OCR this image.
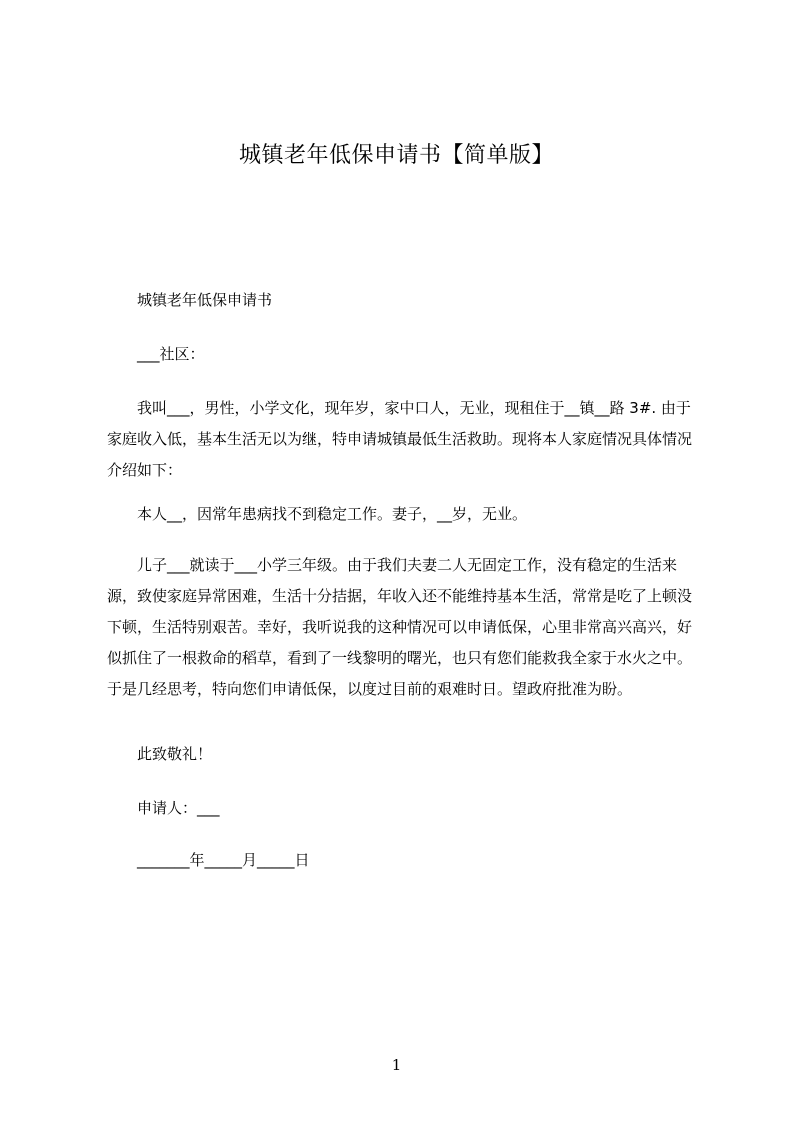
城镇老年低保申请书【简单版】

城镇老年低保申请书

___社区：

我叫___，男性，小学文化，现年岁，家中口人，无业，现租住于__镇__路 3#. 由于家庭收入低，基本生活无以为继，特申请城镇最低生活救助。现将本人家庭情况具体情况介绍如下：

本人__，因常年患病找不到稳定工作。妻子，__岁，无业。

儿子___就读于___小学三年级。由于我们夫妻二人无固定工作，没有稳定的生活来源，致使家庭异常困难，生活十分拮据，年收入还不能维持基本生活，常常是吃了上顿没下顿，生活特别艰苦。幸好，我听说我的这种情况可以申请低保，心里非常高兴高兴，好似抓住了一根救命的稻草，看到了一线黎明的曙光，也只有您们能救我全家于水火之中。于是几经思考，特向您们申请低保，以度过目前的艰难时日。望政府批准为盼。

此致敬礼！

申请人：___

_______年_____月_____日

1
